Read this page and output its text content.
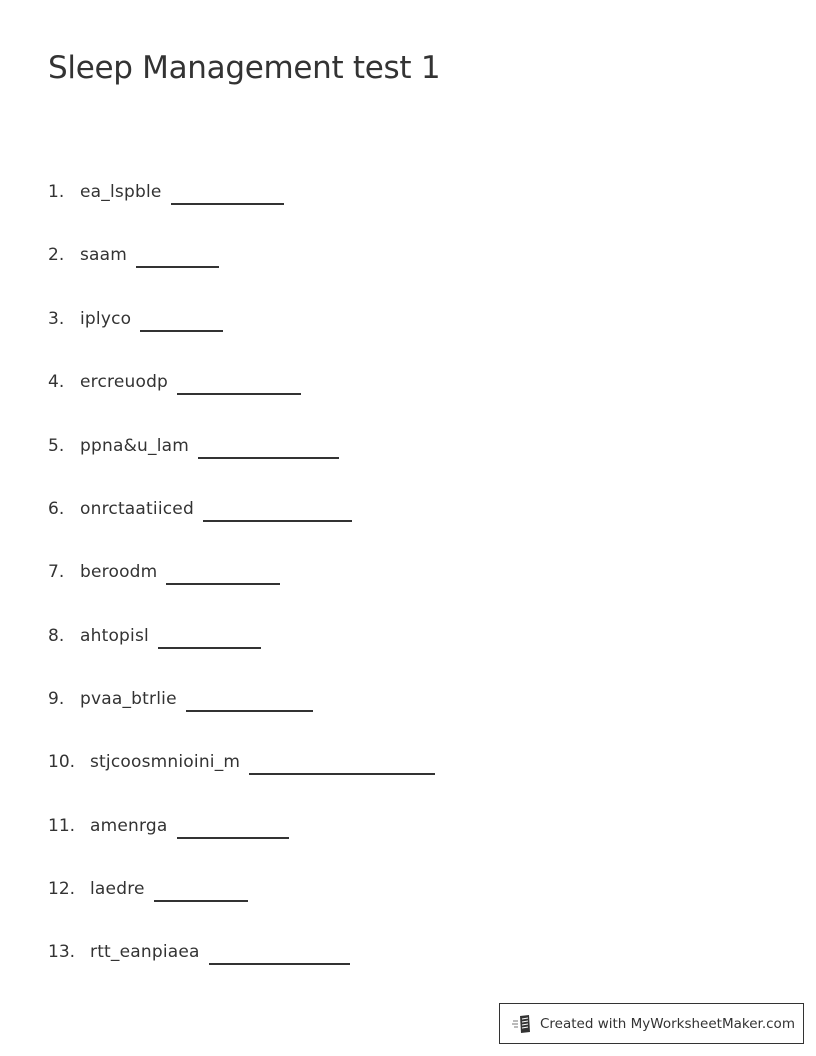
Sleep Management test 1
1. ea_lspble
2. saam
3. iplyco
4. ercreuodp
5. ppna&u_lam
6. onrctaatiiced
7. beroodm
8. ahtopisl
9. pvaa_btrlie
10. stjcoosmnioini_m
11. amenrga
12. laedre
13. rtt_eanpiaea
Created with MyWorksheetMaker.com
